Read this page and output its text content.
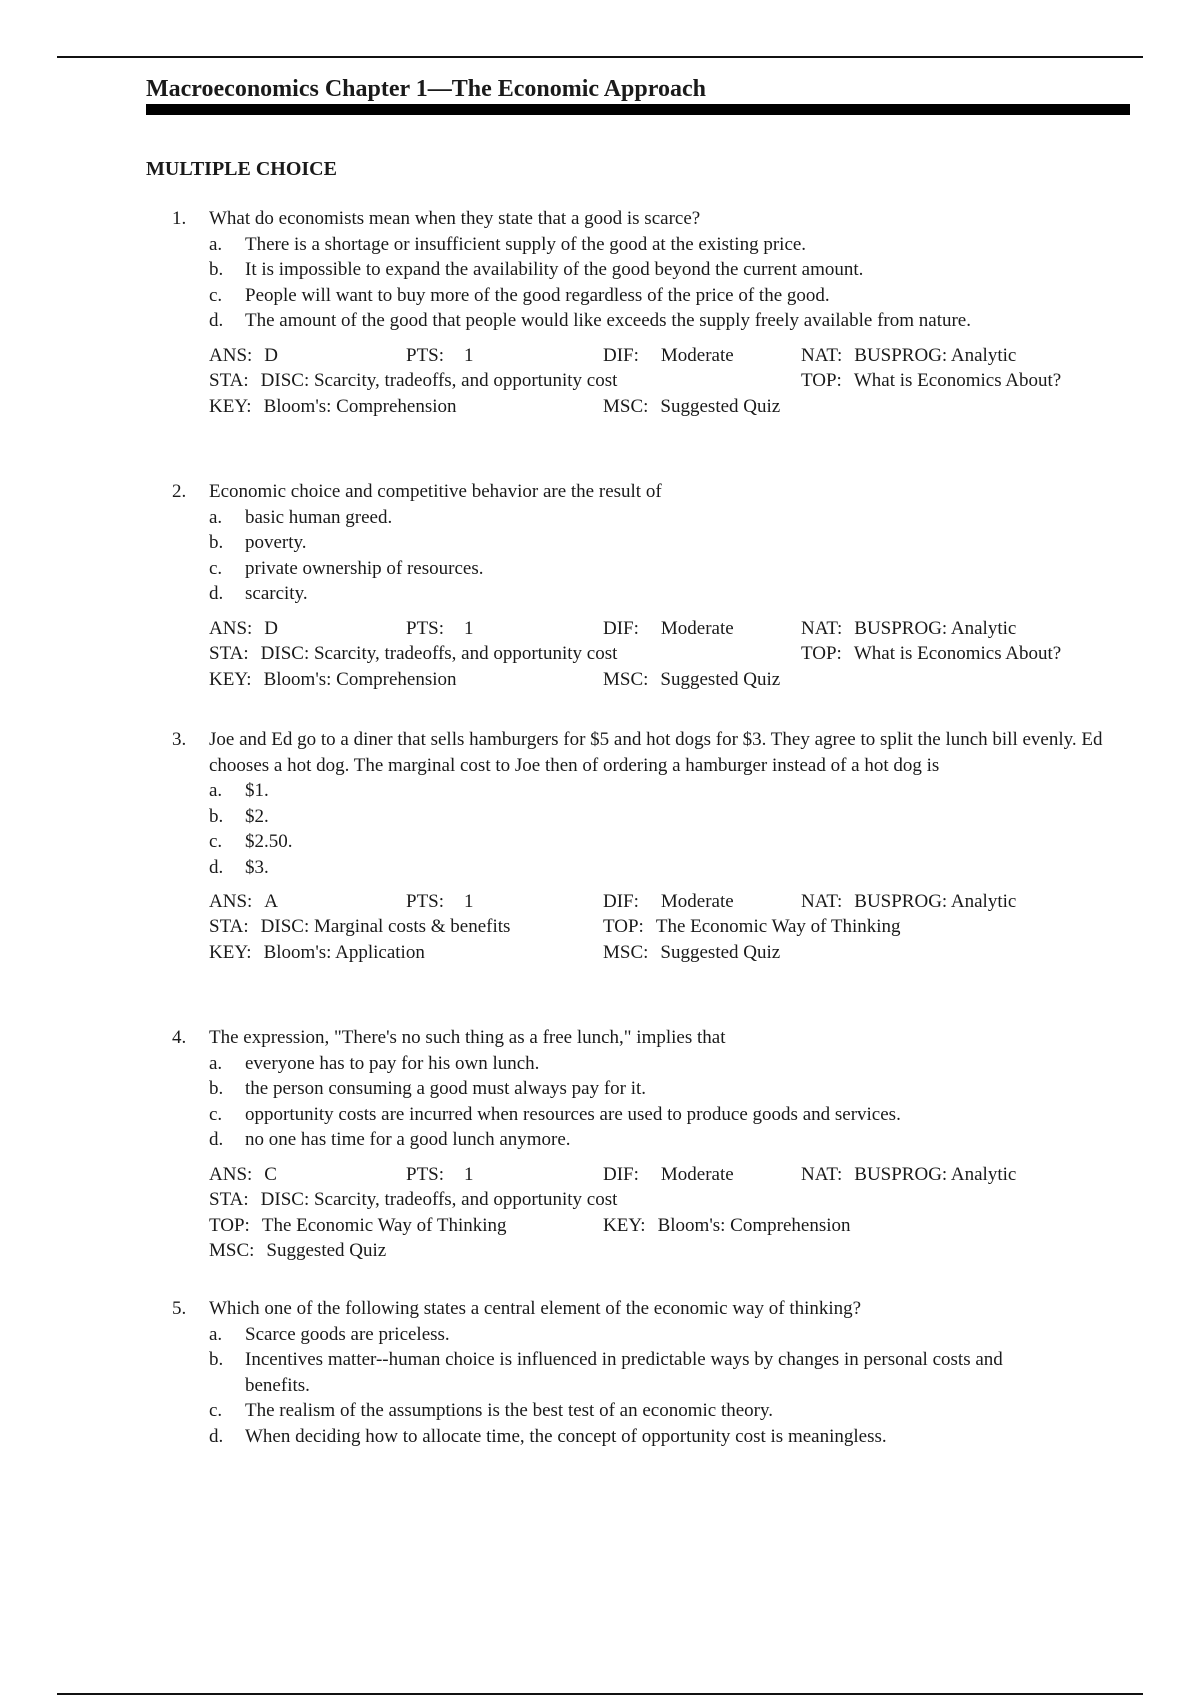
Macroeconomics Chapter 1—The Economic Approach
MULTIPLE CHOICE
1.	What do economists mean when they state that a good is scarce?
a. There is a shortage or insufficient supply of the good at the existing price.
b. It is impossible to expand the availability of the good beyond the current amount.
c. People will want to buy more of the good regardless of the price of the good.
d. The amount of the good that people would like exceeds the supply freely available from nature.
ANS: D	PTS: 1	DIF: Moderate	NAT: BUSPROG: Analytic
STA: DISC: Scarcity, tradeoffs, and opportunity cost	TOP: What is Economics About?
KEY: Bloom's: Comprehension	MSC: Suggested Quiz
2.	Economic choice and competitive behavior are the result of
a. basic human greed.
b. poverty.
c. private ownership of resources.
d. scarcity.
ANS: D	PTS: 1	DIF: Moderate	NAT: BUSPROG: Analytic
STA: DISC: Scarcity, tradeoffs, and opportunity cost	TOP: What is Economics About?
KEY: Bloom's: Comprehension	MSC: Suggested Quiz
3.	Joe and Ed go to a diner that sells hamburgers for $5 and hot dogs for $3. They agree to split the lunch bill evenly. Ed chooses a hot dog. The marginal cost to Joe then of ordering a hamburger instead of a hot dog is
a. $1.
b. $2.
c. $2.50.
d. $3.
ANS: A	PTS: 1	DIF: Moderate	NAT: BUSPROG: Analytic
STA: DISC: Marginal costs & benefits	TOP: The Economic Way of Thinking
KEY: Bloom's: Application	MSC: Suggested Quiz
4.	The expression, "There's no such thing as a free lunch," implies that
a. everyone has to pay for his own lunch.
b. the person consuming a good must always pay for it.
c. opportunity costs are incurred when resources are used to produce goods and services.
d. no one has time for a good lunch anymore.
ANS: C	PTS: 1	DIF: Moderate	NAT: BUSPROG: Analytic
STA: DISC: Scarcity, tradeoffs, and opportunity cost
TOP: The Economic Way of Thinking	KEY: Bloom's: Comprehension
MSC: Suggested Quiz
5.	Which one of the following states a central element of the economic way of thinking?
a. Scarce goods are priceless.
b. Incentives matter--human choice is influenced in predictable ways by changes in personal costs and benefits.
c. The realism of the assumptions is the best test of an economic theory.
d. When deciding how to allocate time, the concept of opportunity cost is meaningless.
